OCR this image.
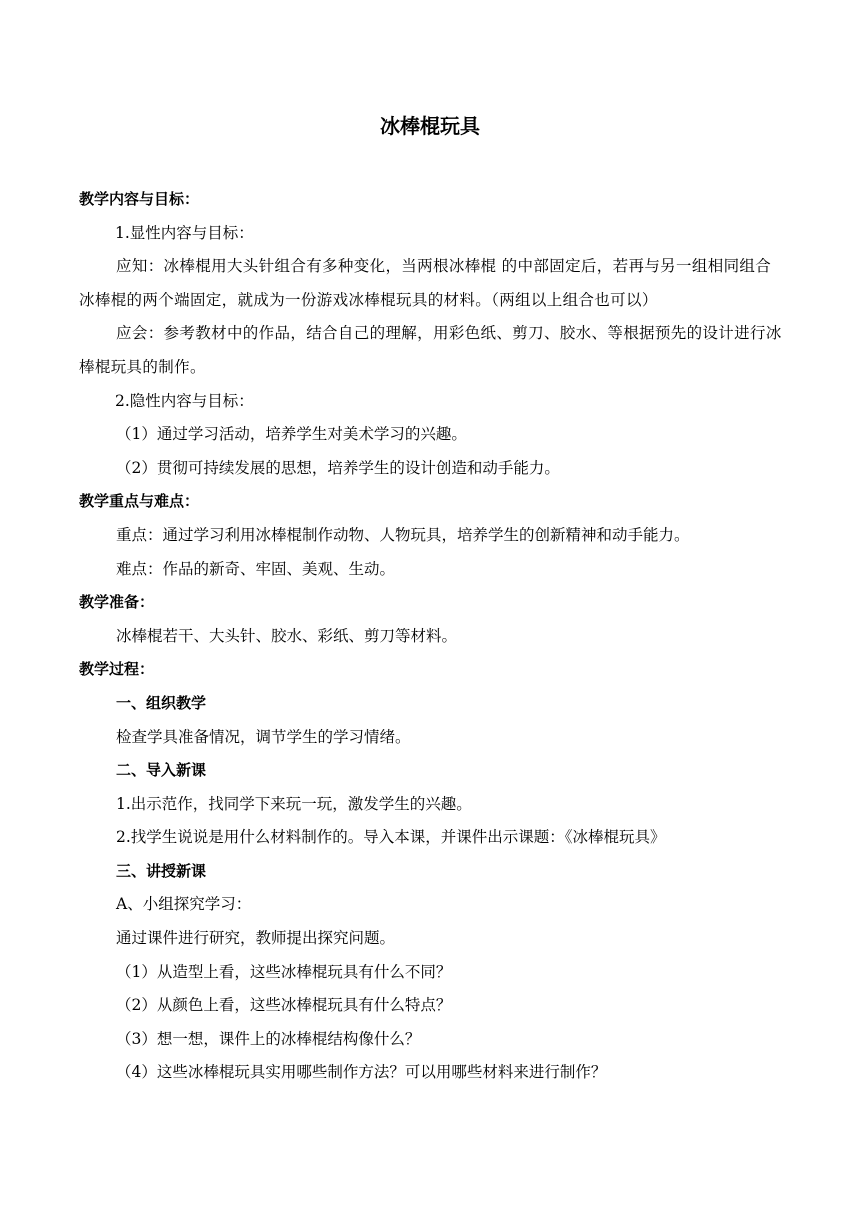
冰棒棍玩具
教学内容与目标：
1.显性内容与目标：
应知：冰棒棍用大头针组合有多种变化，当两根冰棒棍 的中部固定后，若再与另一组相同组合冰棒棍的两个端固定，就成为一份游戏冰棒棍玩具的材料。（两组以上组合也可以）
应会：参考教材中的作品，结合自己的理解，用彩色纸、剪刀、胶水、等根据预先的设计进行冰棒棍玩具的制作。
2.隐性内容与目标：
（1）通过学习活动，培养学生对美术学习的兴趣。
（2）贯彻可持续发展的思想，培养学生的设计创造和动手能力。
教学重点与难点：
重点：通过学习利用冰棒棍制作动物、人物玩具，培养学生的创新精神和动手能力。
难点：作品的新奇、牢固、美观、生动。
教学准备：
冰棒棍若干、大头针、胶水、彩纸、剪刀等材料。
教学过程：
一、组织教学
检查学具准备情况，调节学生的学习情绪。
二、导入新课
1.出示范作，找同学下来玩一玩，激发学生的兴趣。
2.找学生说说是用什么材料制作的。导入本课，并课件出示课题：《冰棒棍玩具》
三、讲授新课
A、小组探究学习：
通过课件进行研究，教师提出探究问题。
（1）从造型上看，这些冰棒棍玩具有什么不同？
（2）从颜色上看，这些冰棒棍玩具有什么特点？
（3）想一想，课件上的冰棒棍结构像什么？
（4）这些冰棒棍玩具实用哪些制作方法？可以用哪些材料来进行制作？
